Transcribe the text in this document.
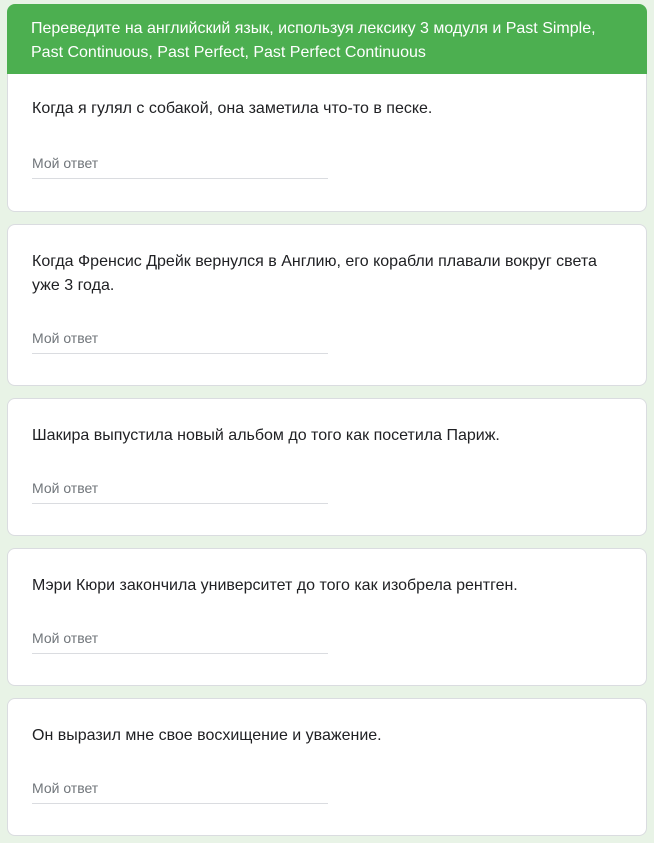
Переведите на английский язык, используя лексику 3 модуля и Past Simple, Past Continuous, Past Perfect, Past Perfect Continuous

Когда я гулял с собакой, она заметила что-то в песке.

Мой ответ

Когда Френсис Дрейк вернулся в Англию, его корабли плавали вокруг света уже 3 года.

Мой ответ

Шакира выпустила новый альбом до того как посетила Париж.

Мой ответ

Мэри Кюри закончила университет до того как изобрела рентген.

Мой ответ

Он выразил мне свое восхищение и уважение.

Мой ответ
